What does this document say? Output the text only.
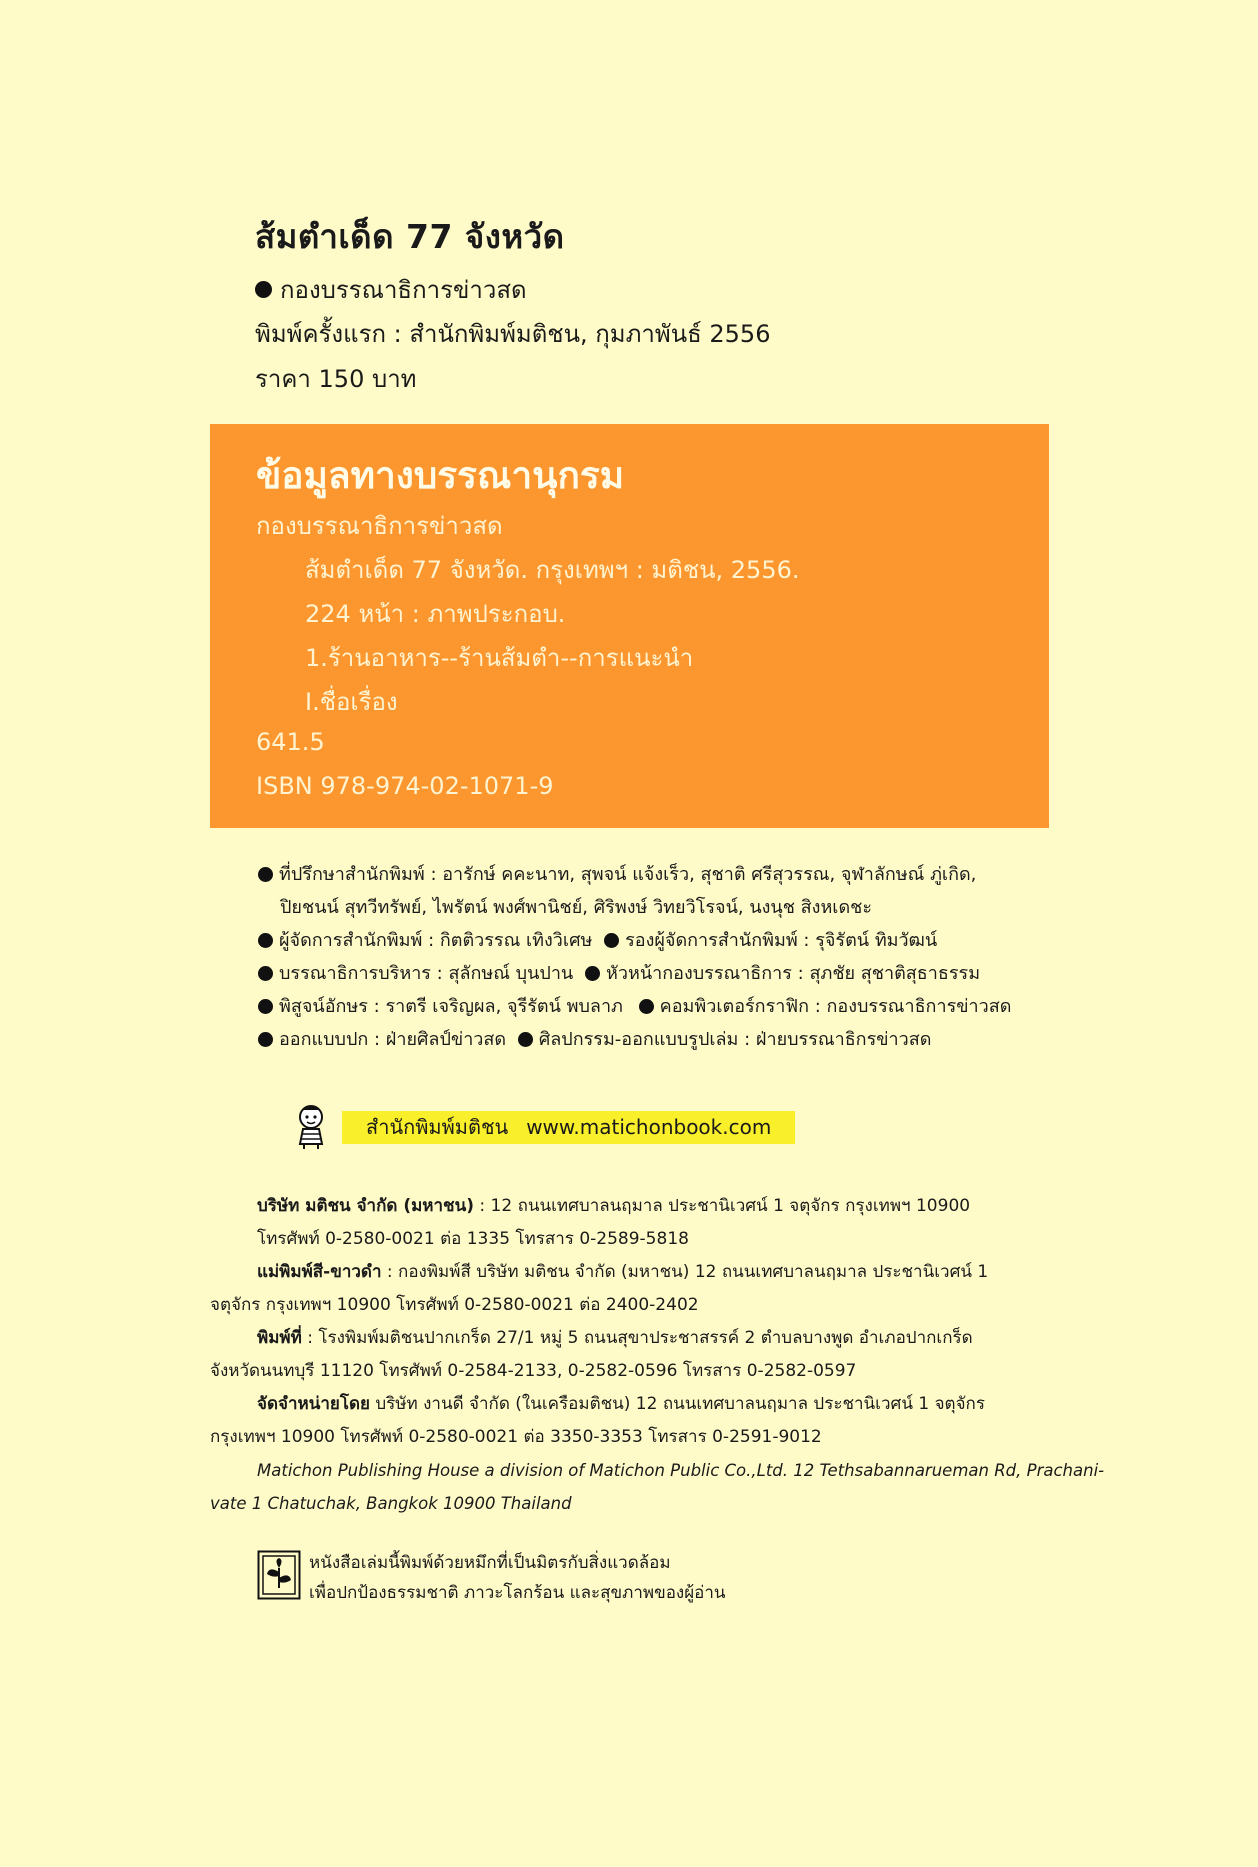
ส้มตำเด็ด 77 จังหวัด
กองบรรณาธิการข่าวสด
พิมพ์ครั้งแรก : สำนักพิมพ์มติชน, กุมภาพันธ์ 2556
ราคา 150 บาท
ข้อมูลทางบรรณานุกรม
กองบรรณาธิการข่าวสด
ส้มตำเด็ด 77 จังหวัด. กรุงเทพฯ : มติชน, 2556.
224 หน้า : ภาพประกอบ.
1.ร้านอาหาร--ร้านส้มตำ--การแนะนำ
I.ชื่อเรื่อง
641.5
ISBN 978-974-02-1071-9
ที่ปรึกษาสำนักพิมพ์ : อารักษ์ คคะนาท, สุพจน์ แจ้งเร็ว, สุชาติ ศรีสุวรรณ, จุฬาลักษณ์ ภู่เกิด,
ปิยชนน์ สุทวีทรัพย์, ไพรัตน์ พงศ์พานิชย์, ศิริพงษ์ วิทยวิโรจน์, นงนุช สิงหเดชะ
ผู้จัดการสำนักพิมพ์ : กิตติวรรณ เทิงวิเศษ รองผู้จัดการสำนักพิมพ์ : รุจิรัตน์ ทิมวัฒน์
บรรณาธิการบริหาร : สุลักษณ์ บุนปาน หัวหน้ากองบรรณาธิการ : สุภชัย สุชาติสุธาธรรม
พิสูจน์อักษร : ราตรี เจริญผล, จุรีรัตน์ พบลาภ คอมพิวเตอร์กราฟิก : กองบรรณาธิการข่าวสด
ออกแบบปก : ฝ่ายศิลป์ข่าวสด ศิลปกรรม-ออกแบบรูปเล่ม : ฝ่ายบรรณาธิกรข่าวสด
สำนักพิมพ์มติชน www.matichonbook.com
บริษัท มติชน จำกัด (มหาชน) : 12 ถนนเทศบาลนฤมาล ประชานิเวศน์ 1 จตุจักร กรุงเทพฯ 10900
โทรศัพท์ 0-2580-0021 ต่อ 1335 โทรสาร 0-2589-5818
แม่พิมพ์สี-ขาวดำ : กองพิมพ์สี บริษัท มติชน จำกัด (มหาชน) 12 ถนนเทศบาลนฤมาล ประชานิเวศน์ 1
จตุจักร กรุงเทพฯ 10900 โทรศัพท์ 0-2580-0021 ต่อ 2400-2402
พิมพ์ที่ : โรงพิมพ์มติชนปากเกร็ด 27/1 หมู่ 5 ถนนสุขาประชาสรรค์ 2 ตำบลบางพูด อำเภอปากเกร็ด
จังหวัดนนทบุรี 11120 โทรศัพท์ 0-2584-2133, 0-2582-0596 โทรสาร 0-2582-0597
จัดจำหน่ายโดย บริษัท งานดี จำกัด (ในเครือมติชน) 12 ถนนเทศบาลนฤมาล ประชานิเวศน์ 1 จตุจักร
กรุงเทพฯ 10900 โทรศัพท์ 0-2580-0021 ต่อ 3350-3353 โทรสาร 0-2591-9012
Matichon Publishing House a division of Matichon Public Co.,Ltd. 12 Tethsabannarueman Rd, Prachani-
vate 1 Chatuchak, Bangkok 10900 Thailand
หนังสือเล่มนี้พิมพ์ด้วยหมึกที่เป็นมิตรกับสิ่งแวดล้อม
เพื่อปกป้องธรรมชาติ ภาวะโลกร้อน และสุขภาพของผู้อ่าน
